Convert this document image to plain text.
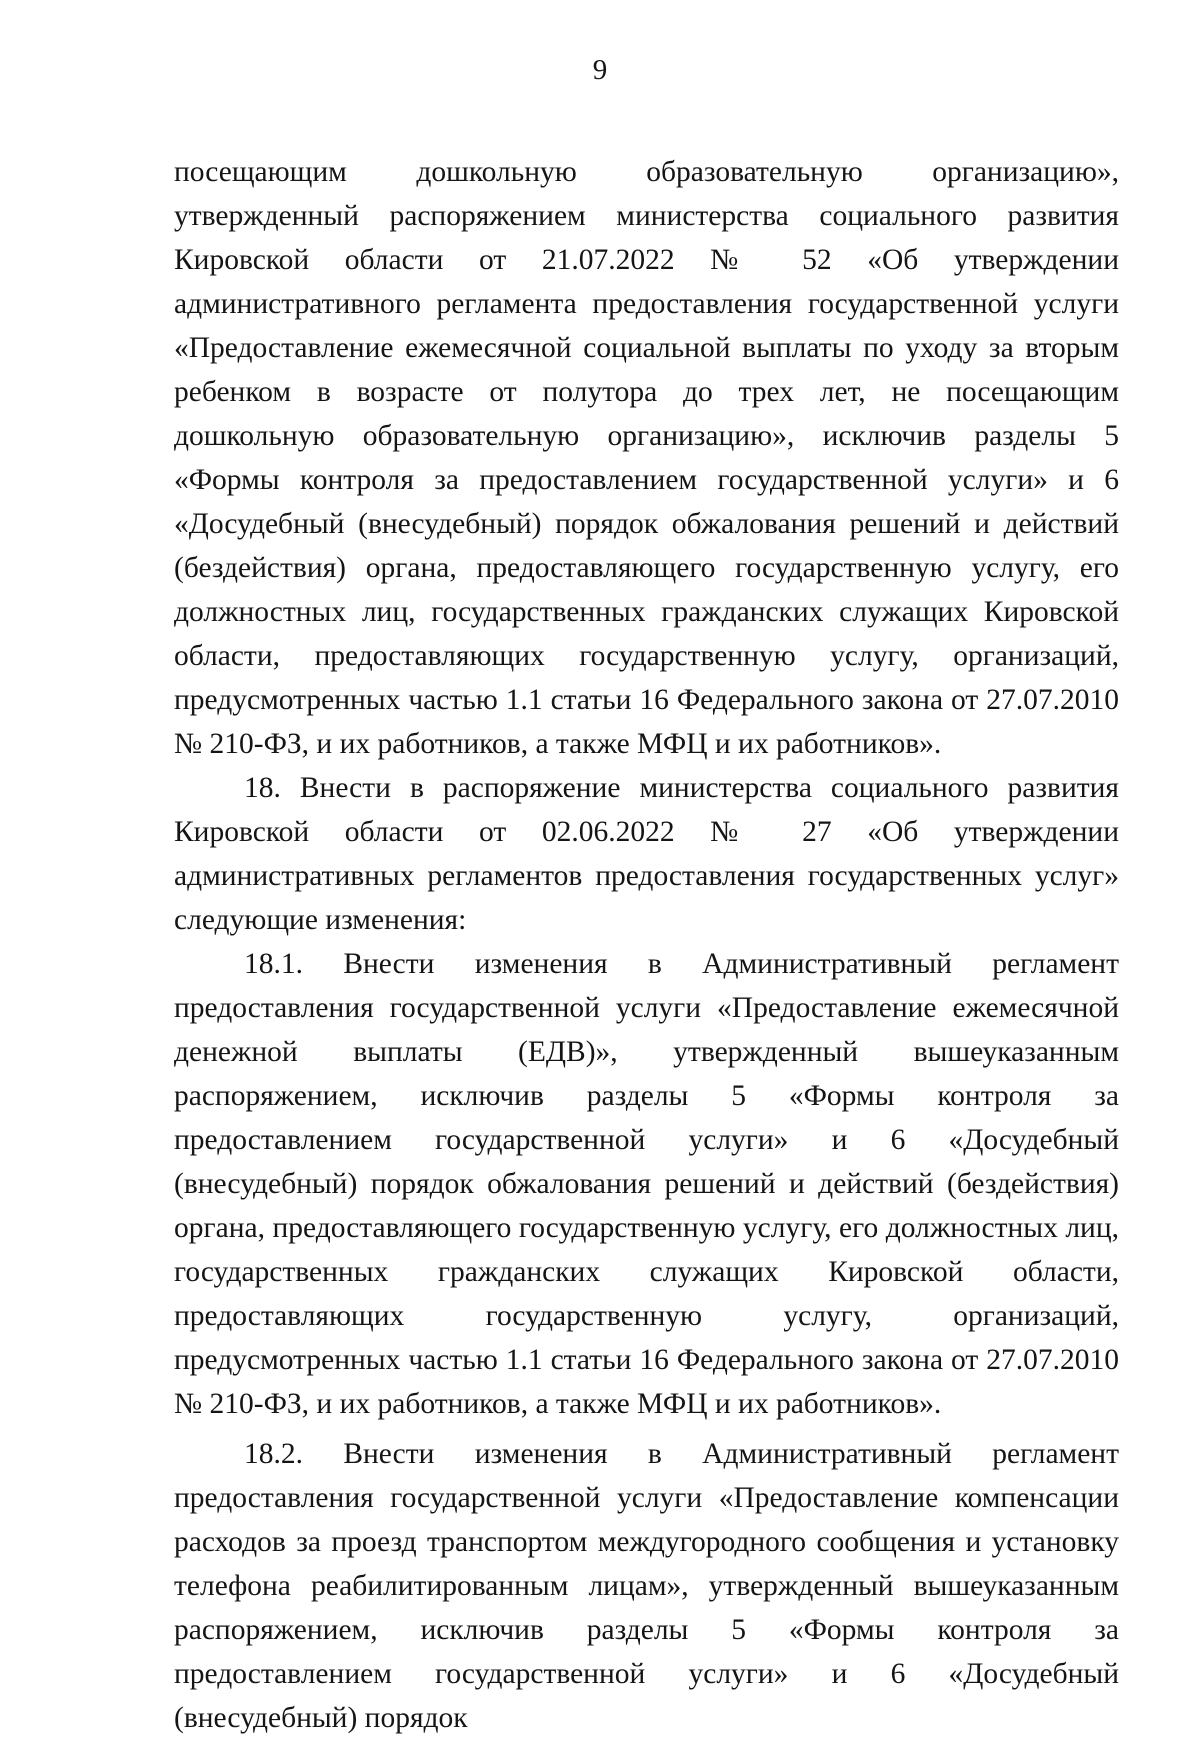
9

посещающим дошкольную образовательную организацию», утвержденный распоряжением министерства социального развития Кировской области от 21.07.2022 № 52 «Об утверждении административного регламента предоставления государственной услуги «Предоставление ежемесячной социальной выплаты по уходу за вторым ребенком в возрасте от полутора до трех лет, не посещающим дошкольную образовательную организацию», исключив разделы 5 «Формы контроля за предоставлением государственной услуги» и 6 «Досудебный (внесудебный) порядок обжалования решений и действий (бездействия) органа, предоставляющего государственную услугу, его должностных лиц, государственных гражданских служащих Кировской области, предоставляющих государственную услугу, организаций, предусмотренных частью 1.1 статьи 16 Федерального закона от 27.07.2010 № 210-ФЗ, и их работников, а также МФЦ и их работников».

18. Внести в распоряжение министерства социального развития Кировской области от 02.06.2022 № 27 «Об утверждении административных регламентов предоставления государственных услуг» следующие изменения:

18.1. Внести изменения в Административный регламент предоставления государственной услуги «Предоставление ежемесячной денежной выплаты (ЕДВ)», утвержденный вышеуказанным распоряжением, исключив разделы 5 «Формы контроля за предоставлением государственной услуги» и 6 «Досудебный (внесудебный) порядок обжалования решений и действий (бездействия) органа, предоставляющего государственную услугу, его должностных лиц, государственных гражданских служащих Кировской области, предоставляющих государственную услугу, организаций, предусмотренных частью 1.1 статьи 16 Федерального закона от 27.07.2010 № 210-ФЗ, и их работников, а также МФЦ и их работников».

18.2. Внести изменения в Административный регламент предоставления государственной услуги «Предоставление компенсации расходов за проезд транспортом междугородного сообщения и установку телефона реабилитированным лицам», утвержденный вышеуказанным распоряжением, исключив разделы 5 «Формы контроля за предоставлением государственной услуги» и 6 «Досудебный (внесудебный) порядок
